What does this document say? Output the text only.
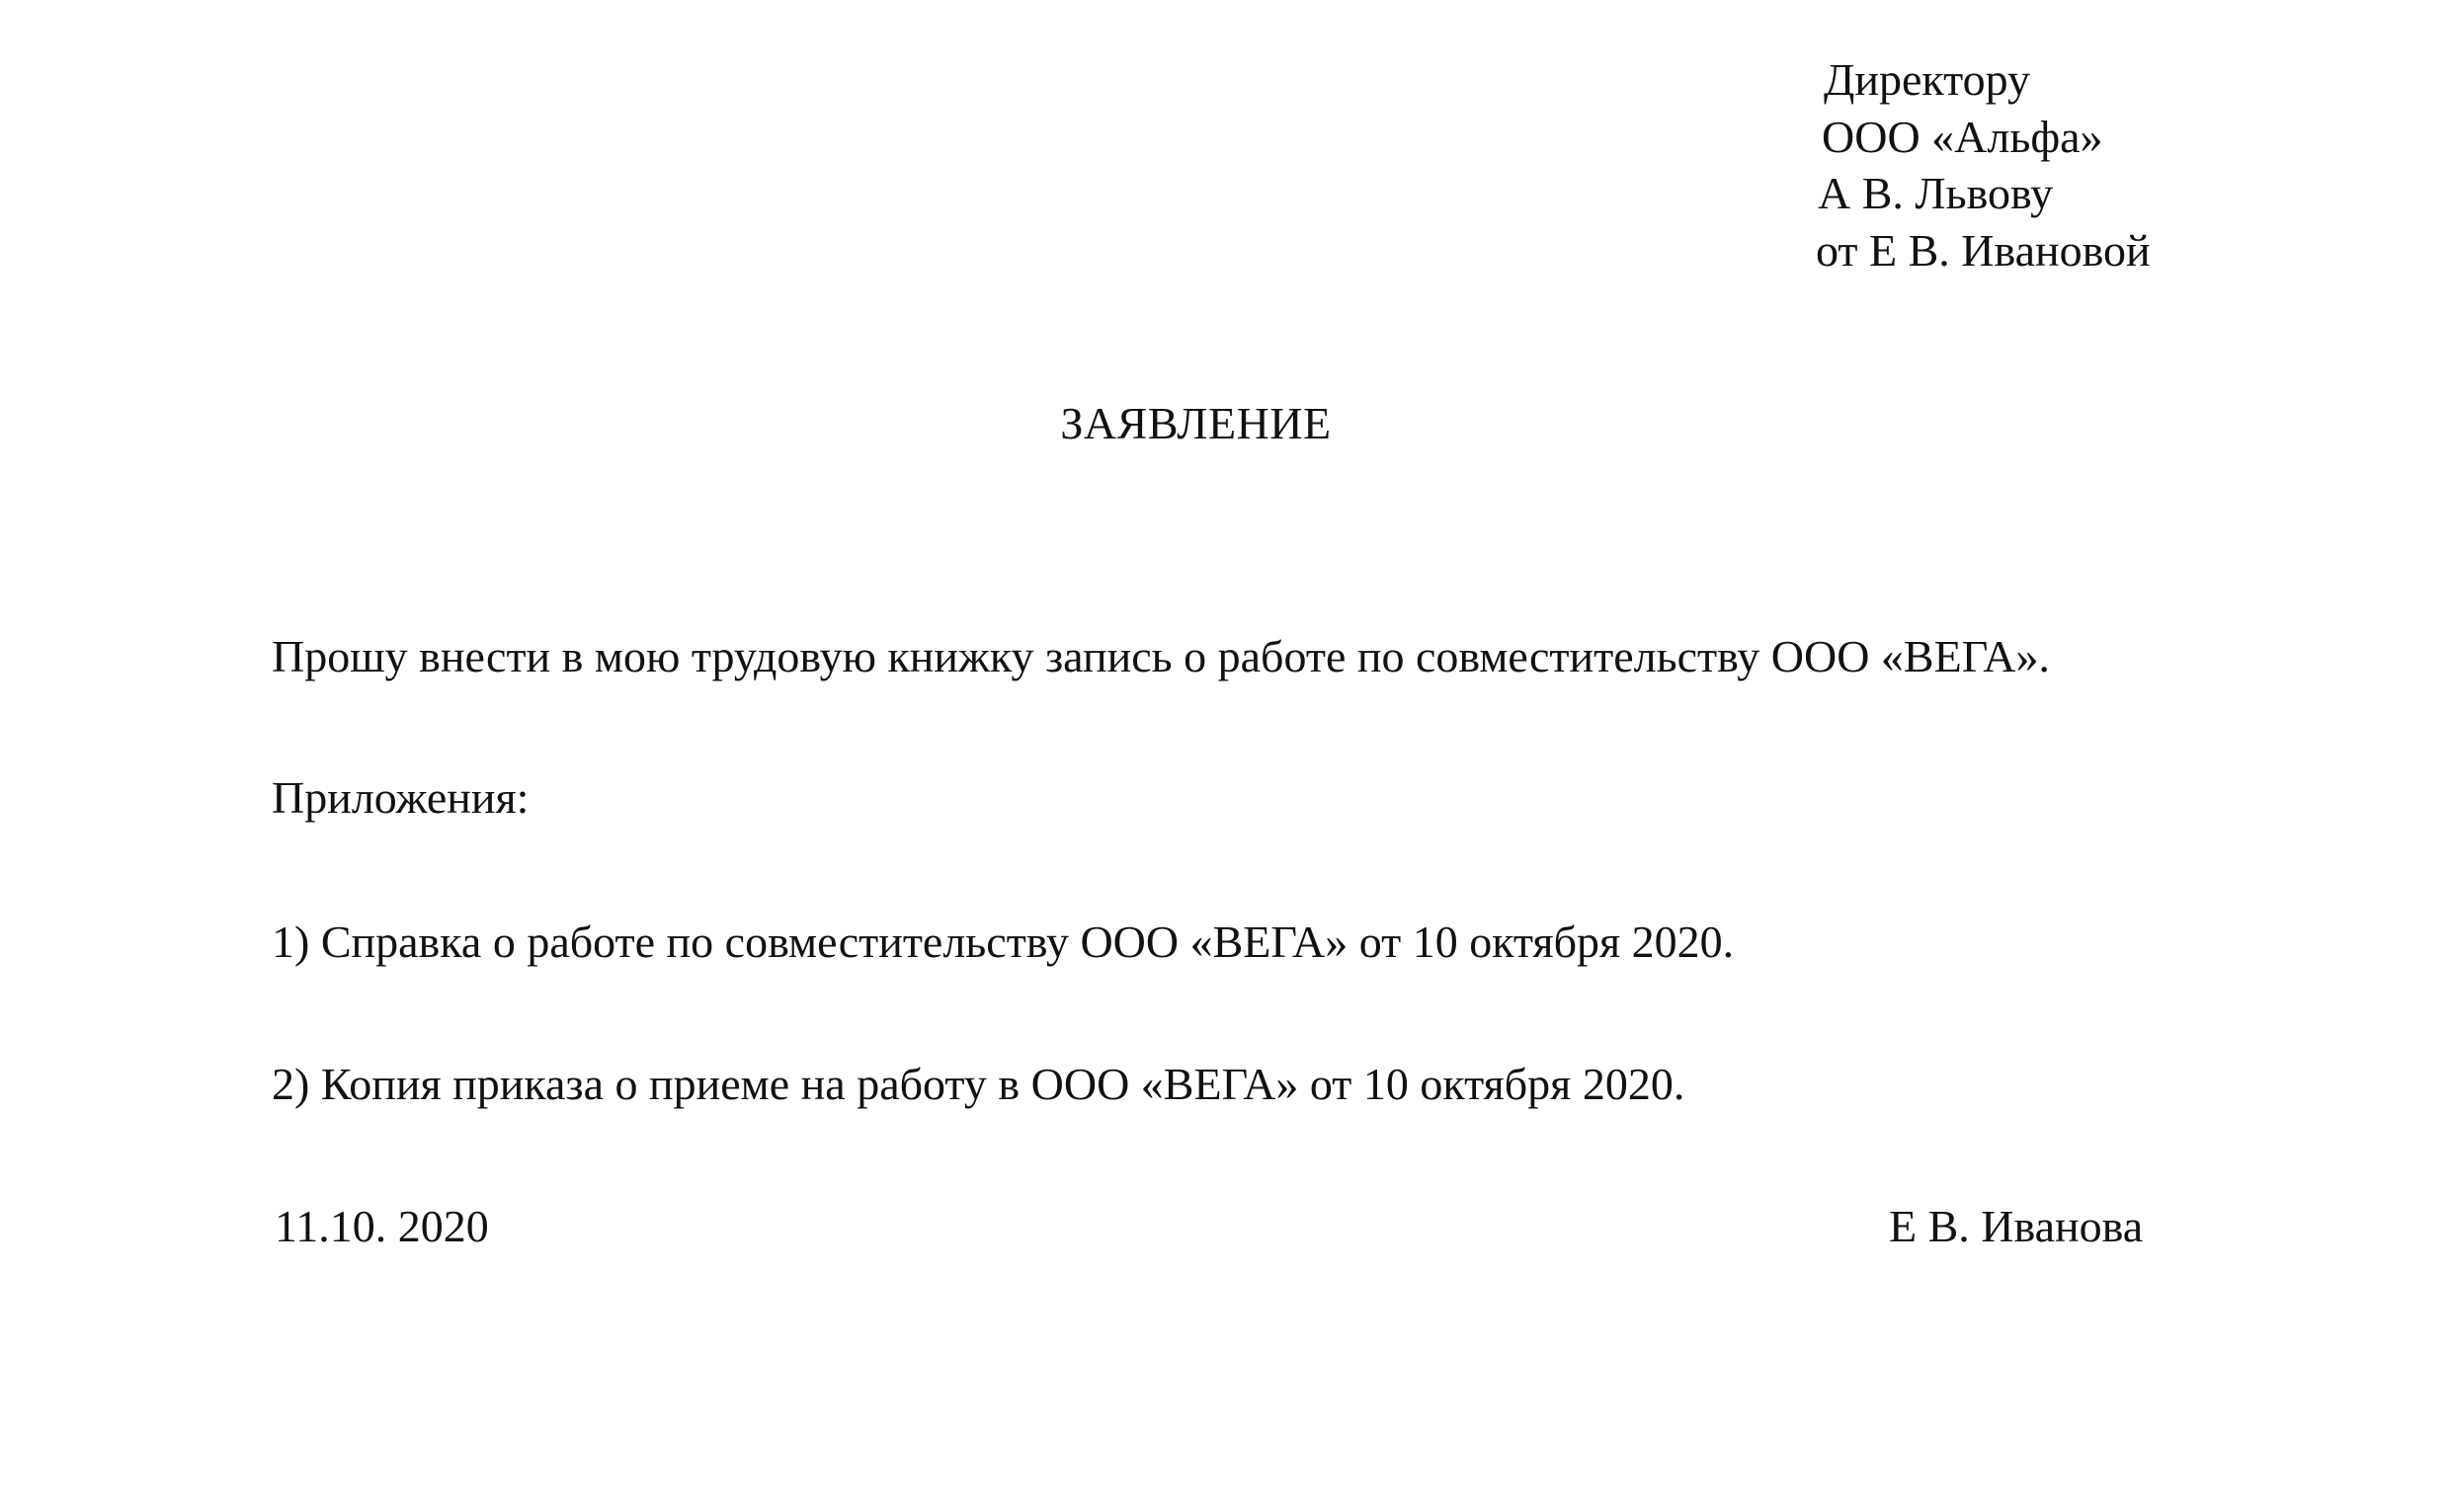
Директору
ООО «Альфа»
А В. Львову
от Е В. Ивановой
ЗАЯВЛЕНИЕ
Прошу внести в мою трудовую книжку запись о работе по совместительству ООО «ВЕГА».
Приложения:
1) Справка о работе по совместительству ООО «ВЕГА» от 10 октября 2020.
2) Копия приказа о приеме на работу в ООО «ВЕГА» от 10 октября 2020.
11.10. 2020	Е В. Иванова
